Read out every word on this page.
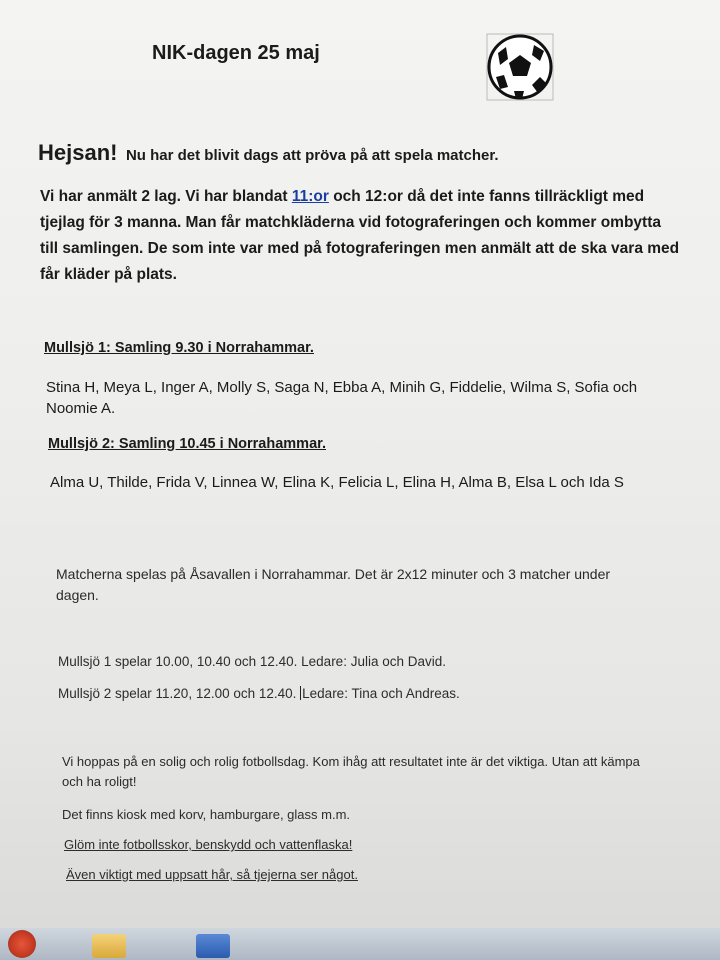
NIK-dagen 25 maj
Hejsan! Nu har det blivit dags att pröva på att spela matcher.
Vi har anmält 2 lag. Vi har blandat 11:or och 12:or då det inte fanns tillräckligt med tjejlag för 3 manna. Man får matchkläderna vid fotograferingen och kommer ombytta till samlingen. De som inte var med på fotograferingen men anmält att de ska vara med får kläder på plats.
Mullsjö 1: Samling 9.30 i Norrahammar.
Stina H, Meya L, Inger A, Molly S, Saga N, Ebba A, Minih G, Fiddelie, Wilma S, Sofia och Noomie A.
Mullsjö 2: Samling 10.45 i Norrahammar.
Alma U, Thilde, Frida V, Linnea W, Elina K, Felicia L, Elina H, Alma B, Elsa L och Ida S
Matcherna spelas på Åsavallen i Norrahammar. Det är 2x12 minuter och 3 matcher under dagen.
Mullsjö 1 spelar 10.00, 10.40 och 12.40. Ledare: Julia och David.
Mullsjö 2 spelar 11.20, 12.00 och 12.40. Ledare: Tina och Andreas.
Vi hoppas på en solig och rolig fotbollsdag. Kom ihåg att resultatet inte är det viktiga. Utan att kämpa och ha roligt!
Det finns kiosk med korv, hamburgare, glass m.m.
Glöm inte fotbollsskor, benskydd och vattenflaska!
Även viktigt med uppsatt hår, så tjejerna ser något.
